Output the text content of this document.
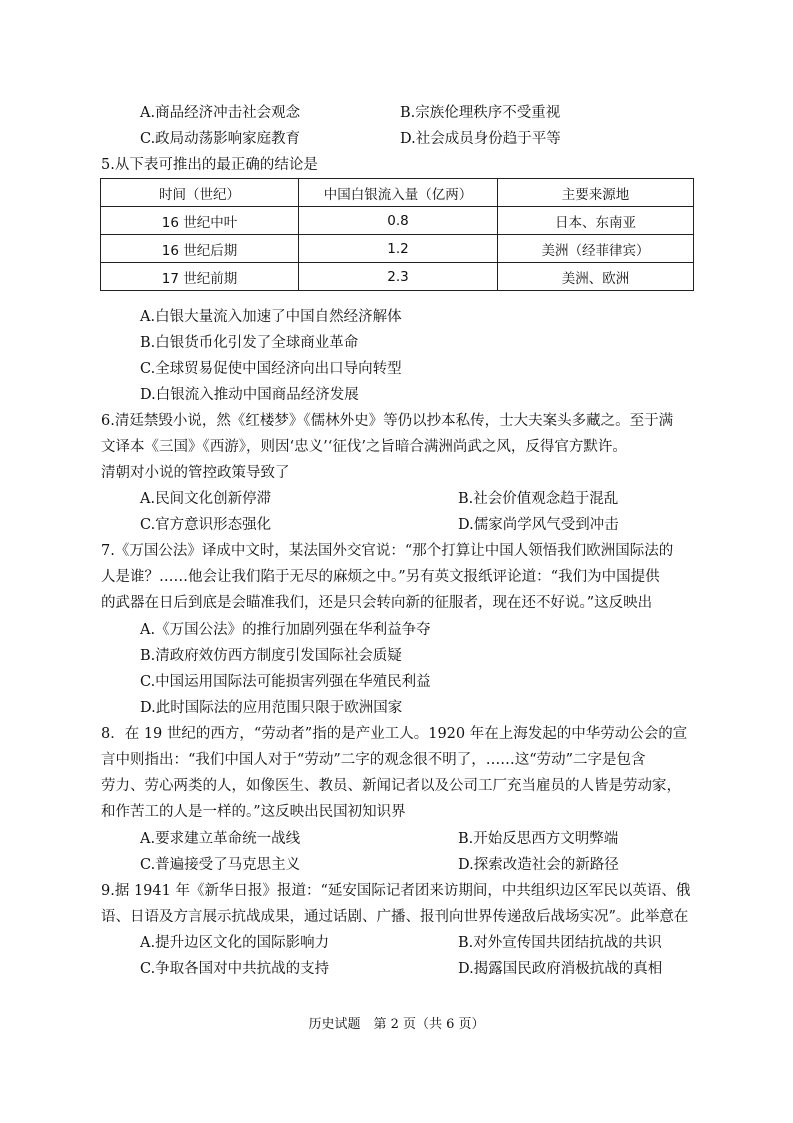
A.商品经济冲击社会观念	B.宗族伦理秩序不受重视
C.政局动荡影响家庭教育	D.社会成员身份趋于平等
5.从下表可推出的最正确的结论是
时间（世纪）	中国白银流入量（亿两）	主要来源地
16 世纪中叶	0.8	日本、东南亚
16 世纪后期	1.2	美洲（经菲律宾）
17 世纪前期	2.3	美洲、欧洲
A.白银大量流入加速了中国自然经济解体
B.白银货币化引发了全球商业革命
C.全球贸易促使中国经济向出口导向转型
D.白银流入推动中国商品经济发展
6.清廷禁毁小说，然《红楼梦》《儒林外史》等仍以抄本私传，士大夫案头多藏之。至于满
文译本《三国》《西游》，则因‘忠义’‘征伐’之旨暗合满洲尚武之风，反得官方默许。
清朝对小说的管控政策导致了
A.民间文化创新停滞	B.社会价值观念趋于混乱
C.官方意识形态强化	D.儒家尚学风气受到冲击
7.《万国公法》译成中文时，某法国外交官说：“那个打算让中国人领悟我们欧洲国际法的
人是谁？……他会让我们陷于无尽的麻烦之中。”另有英文报纸评论道：“我们为中国提供
的武器在日后到底是会瞄准我们，还是只会转向新的征服者，现在还不好说。”这反映出
A.《万国公法》的推行加剧列强在华利益争夺
B.清政府效仿西方制度引发国际社会质疑
C.中国运用国际法可能损害列强在华殖民利益
D.此时国际法的应用范围只限于欧洲国家
8．在 19 世纪的西方，“劳动者”指的是产业工人。1920 年在上海发起的中华劳动公会的宣
言中则指出：“我们中国人对于“劳动”二字的观念很不明了，……这“劳动”二字是包含
劳力、劳心两类的人，如像医生、教员、新闻记者以及公司工厂充当雇员的人皆是劳动家，
和作苦工的人是一样的。”这反映出民国初知识界
A.要求建立革命统一战线	B.开始反思西方文明弊端
C.普遍接受了马克思主义	D.探索改造社会的新路径
9.据 1941 年《新华日报》报道：“延安国际记者团来访期间，中共组织边区军民以英语、俄
语、日语及方言展示抗战成果，通过话剧、广播、报刊向世界传递敌后战场实况”。此举意在
A.提升边区文化的国际影响力	B.对外宣传国共团结抗战的共识
C.争取各国对中共抗战的支持	D.揭露国民政府消极抗战的真相
历史试题　第 2 页（共 6 页）
